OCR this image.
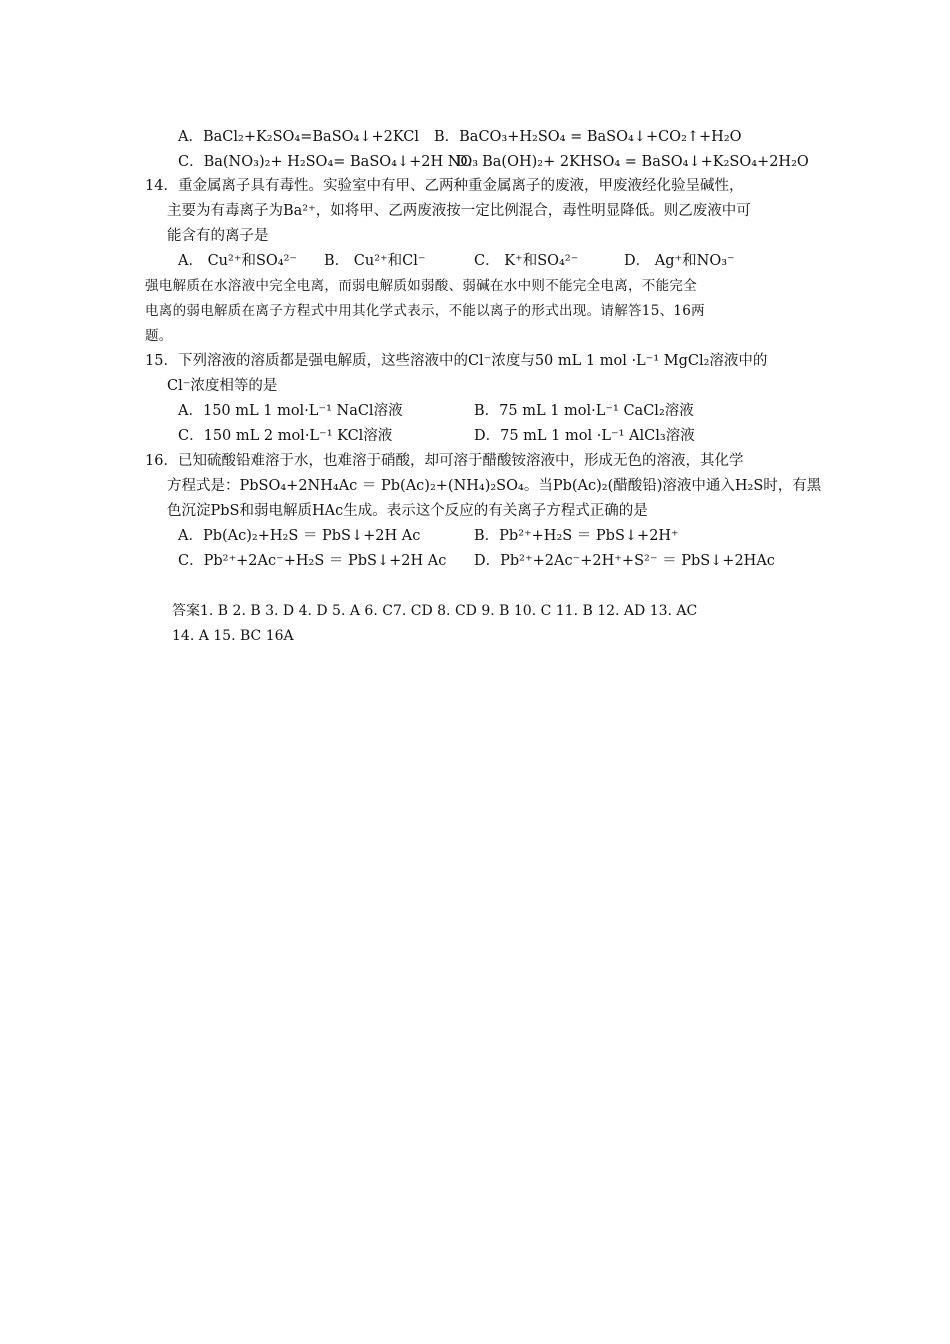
A．BaCl₂+K₂SO₄=BaSO₄↓+2KCl B．BaCO₃+H₂SO₄ = BaSO₄↓+CO₂↑+H₂O
C．Ba(NO₃)₂+ H₂SO₄= BaSO₄↓+2H NO₃D．Ba(OH)₂+ 2KHSO₄ = BaSO₄↓+K₂SO₄+2H₂O
14．重金属离子具有毒性。实验室中有甲、乙两种重金属离子的废液，甲废液经化验呈碱性，
主要为有毒离子为Ba²⁺，如将甲、乙两废液按一定比例混合，毒性明显降低。则乙废液中可
能含有的离子是
A． Cu²⁺和SO₄²⁻ B． Cu²⁺和Cl⁻	C． K⁺和SO₄²⁻	D． Ag⁺和NO₃⁻
强电解质在水溶液中完全电离，而弱电解质如弱酸、弱碱在水中则不能完全电离，不能完全
电离的弱电解质在离子方程式中用其化学式表示，不能以离子的形式出现。请解答15、16两
题。
15．下列溶液的溶质都是强电解质，这些溶液中的Cl⁻浓度与50 mL 1 mol ·L⁻¹ MgCl₂溶液中的
Cl⁻浓度相等的是
A．150 mL 1 mol·L⁻¹ NaCl溶液	B．75 mL 1 mol·L⁻¹ CaCl₂溶液
C．150 mL 2 mol·L⁻¹ KCl溶液	D．75 mL 1 mol ·L⁻¹ AlCl₃溶液
16．已知硫酸铅难溶于水，也难溶于硝酸，却可溶于醋酸铵溶液中，形成无色的溶液，其化学
方程式是：PbSO₄+2NH₄Ac ＝ Pb(Ac)₂+(NH₄)₂SO₄。当Pb(Ac)₂(醋酸铅)溶液中通入H₂S时，有黑
色沉淀PbS和弱电解质HAc生成。表示这个反应的有关离子方程式正确的是
A．Pb(Ac)₂+H₂S ＝ PbS↓+2H Ac	B．Pb²⁺+H₂S ＝ PbS↓+2H⁺
C．Pb²⁺+2Ac⁻+H₂S ＝ PbS↓+2H Ac D．Pb²⁺+2Ac⁻+2H⁺+S²⁻ ＝ PbS↓+2HAc
答案1. B 2. B 3. D 4. D 5. A 6. C7. CD 8. CD 9. B 10. C 11. B 12. AD 13. AC
14. A 15. BC 16A
